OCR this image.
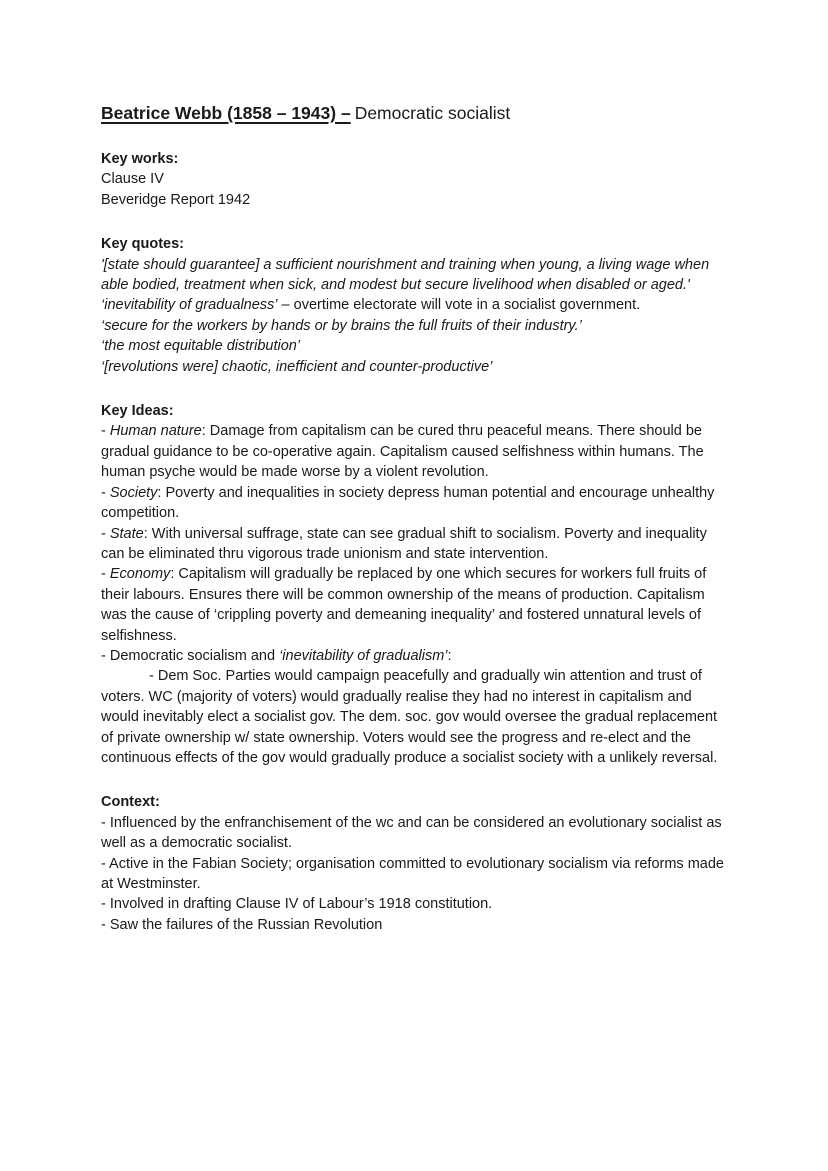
Beatrice Webb (1858 – 1943) – Democratic socialist

Key works:

Clause IV

Beveridge Report 1942

Key quotes:

'[state should guarantee] a sufficient nourishment and training when young, a living wage when able bodied, treatment when sick, and modest but secure livelihood when disabled or aged.'

‘inevitability of gradualness’ – overtime electorate will vote in a socialist government.

‘secure for the workers by hands or by brains the full fruits of their industry.’

‘the most equitable distribution’

‘[revolutions were] chaotic, inefficient and counter-productive’

Key Ideas:

- Human nature: Damage from capitalism can be cured thru peaceful means. There should be gradual guidance to be co-operative again. Capitalism caused selfishness within humans. The human psyche would be made worse by a violent revolution.

- Society: Poverty and inequalities in society depress human potential and encourage unhealthy competition.

- State: With universal suffrage, state can see gradual shift to socialism. Poverty and inequality can be eliminated thru vigorous trade unionism and state intervention.

- Economy: Capitalism will gradually be replaced by one which secures for workers full fruits of their labours. Ensures there will be common ownership of the means of production. Capitalism was the cause of ‘crippling poverty and demeaning inequality’ and fostered unnatural levels of selfishness.

- Democratic socialism and ‘inevitability of gradualism’:

- Dem Soc. Parties would campaign peacefully and gradually win attention and trust of voters. WC (majority of voters) would gradually realise they had no interest in capitalism and would inevitably elect a socialist gov. The dem. soc. gov would oversee the gradual replacement of private ownership w/ state ownership. Voters would see the progress and re-elect and the continuous effects of the gov would gradually produce a socialist society with a unlikely reversal.

Context:

- Influenced by the enfranchisement of the wc and can be considered an evolutionary socialist as well as a democratic socialist.

- Active in the Fabian Society; organisation committed to evolutionary socialism via reforms made at Westminster.

- Involved in drafting Clause IV of Labour’s 1918 constitution.

- Saw the failures of the Russian Revolution
